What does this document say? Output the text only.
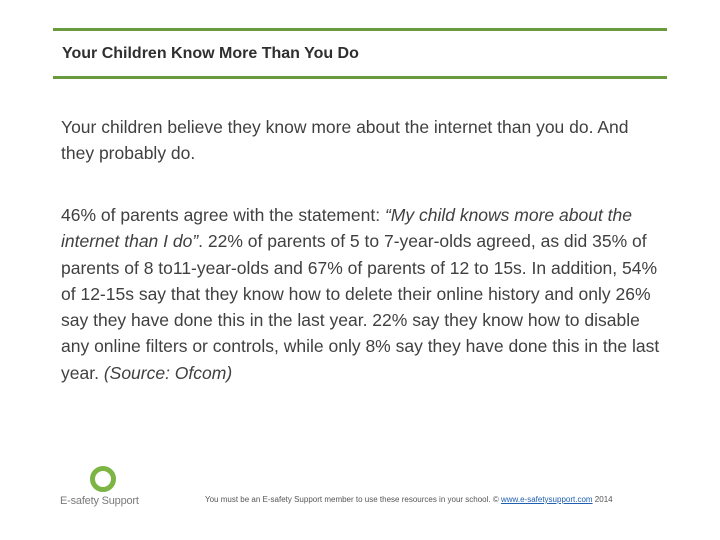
Your Children Know More Than You Do

Your children believe they know more about the internet than you do. And they probably do.

46% of parents agree with the statement: “My child knows more about the internet than I do”. 22% of parents of 5 to 7-year-olds agreed, as did 35% of parents of 8 to11-year-olds and 67% of parents of 12 to 15s. In addition, 54% of 12-15s say that they know how to delete their online history and only 26% say they have done this in the last year. 22% say they know how to disable any online filters or controls, while only 8% say they have done this in the last year. (Source: Ofcom)

E-safety Support	You must be an E-safety Support member to use these resources in your school. © www.e-safetysupport.com 2014
